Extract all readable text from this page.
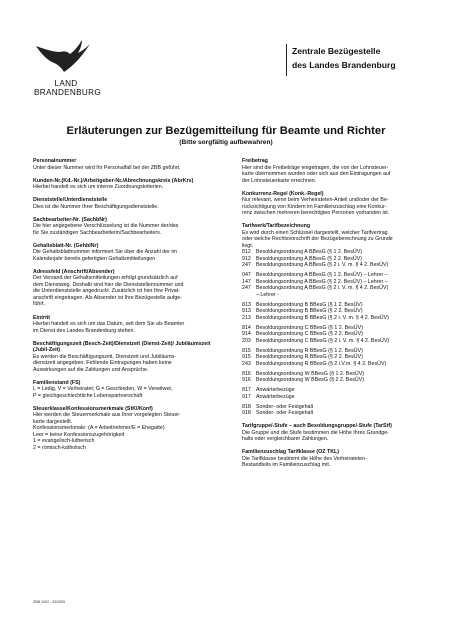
LAND
BRANDENBURG
Zentrale Bezügestelle
des Landes Brandenburg
Erläuterungen zur Bezügemitteilung für Beamte und Richter
(Bitte sorgfältig aufbewahren)
Personalnummer
Unter dieser Nummer wird Ihr Personalfall bei der ZBB geführt.
Kunden-Nr.(Kd.-Nr.)/Arbeitgeber-Nr./Abrechnungskreis (AbrKrs)
Hierbei handelt es sich um interne Zuordnungskriterien.
Dienststelle/Unterdienststelle
Dies ist die Nummer Ihrer Beschäftigungsdienststelle.
Sachbearbeiter-Nr. (SachbNr)
Die hier angegebene Verschlüsselung ist die Nummer der/des
für Sie zuständigen Sachbearbeiterin/Sachbearbeiters.
Gehaltsblatt-Nr. (GehblNr)
Die Gehaltsblattnummer informiert Sie über die Anzahl der im
Kalenderjahr bereits gefertigten Gehaltsmitteilungen
Adressfeld (Anschrift/Absender)
Der Versand der Gehaltsmitteilungen erfolgt grundsätzlich auf
dem Dienstweg. Deshalb sind hier die Dienststellennummer und
die Unterdienststelle angedruckt. Zusätzlich ist hier Ihre Privat-
anschrift eingetragen. Als Absender ist Ihre Bezügestelle aufge-
führt.
Eintritt
Hierbei handelt es sich um das Datum, seit dem Sie als Beamter
im Dienst des Landes Brandenburg stehen.
Beschäftigungszeit (Besch-Zeit)/Dienstzeit (Dienst-Zeit)/ Jubiläumszeit (Jubil-Zeit)
Es werden die Beschäftigungszeit, Dienstzeit und Jubiläums-
dienstzeit angegeben. Fehlende Eintragungen haben keine
Auswirkungen auf die Zahlungen und Ansprüche.
Familienstand (FS)
L = Ledig, V = Verheiratet; G = Geschieden, W = Verwitwet,
P = gleichgeschlechtliche Lebenspartnerschaft
Steuerklasse/Konfessionsmerkmale (StKl/Konf)
Hier werden die Steuermerkmale aus Ihrer vorgelegten Steuer-
karte dargestellt.
Konfessionsmerkmale: (A = Arbeitnehmer/E = Ehegatte)
Leer = keine Konfessionszugehörigkeit
1 = evangelisch-lutherisch
2 = römisch-katholisch
Freibetrag
Hier sind die Freibeträge eingetragen, die von der Lohnsteuer-
karte übernommen wurden oder sich aus den Eintragungen auf
der Lohnsteuerkarte errechnen.
Konkurrenz-Regel (Konk.-Regel)
Nur relevant, wenn beim Verheirateten-Anteil und/oder der Be-
rücksichtigung von Kindern im Familienzuschlag eine Konkur-
renz zwischen mehreren berechtigten Personen vorhanden ist.
Tarifwerk/Tarifbezeichnung
Es wird durch einen Schlüssel dargestellt, welcher Tarifvertrag
oder welche Rechtsvorschrift der Bezügeberechnung zu Grunde
liegt.
812 Besoldungsordnung A BBesG (§ 1 2. BesÜV)
912 Besoldungsordnung A BBesG (§ 2 2. BesÜV)
247 Besoldungsordnung A BBesG (§ 2 i. V. m. § 4 2. BesÜV)
047 Besoldungsordnung A BBesG (§ 1 2. BesÜV) – Lehrer –
147 Besoldungsordnung A BBesG (§ 2 2. BesÜV) – Lehrer –
247 Besoldungsordnung A BBesG (§ 2 i. V. m. § 4 2. BesÜV)
– Lehrer -
813 Besoldungsordnung B BBesG (§ 1 2. BesÜV)
913 Besoldungsordnung B BBesG (§ 2 2. BesÜV)
213 Besoldungsordnung B BBesG (§ 2 i. V. m. § 4 2. BesÜV)
814 Besoldungsordnung C BBesG (§ 1 2. BesÜV)
914 Besoldungsordnung C BBesG (§ 2 2. BesÜV)
203 Besoldungsordnung C BBesG (§ 2 i. V. m. § 4 2. BesÜV)
815 Besoldungsordnung R BBesG (§ 1 2. BesÜV)
915 Besoldungsordnung R BBesG (§ 2 2. BesÜV)
243 Besoldungsordnung R BBesG (§ 2 i.V.m. § 4 2. BesÜV)
816 Besoldungsordnung W BBesG (§ 1 2. BesÜV)
916 Besoldungsordnung W BBesG (§ 2 2. BesÜV)
817 Anwärterbezüge
917 Anwärterbezüge
818 Sonder- oder Festgehalt
918 Sonder- oder Festgehalt
Tarifgruppe/-Stufe – auch Besoldungsgruppe/-Stufe (TarStf)
Die Gruppe und die Stufe bestimmen die Höhe Ihres Grundge-
halts oder vergleichbarer Zahlungen.
Familienzuschlag Tarifklasse (OZ TKL)
Die Tarifklasse bestimmt die Höhe des Verheirateten-
Bestandteils im Familienzuschlag mit.
ZBB 1002 - 03/2005
